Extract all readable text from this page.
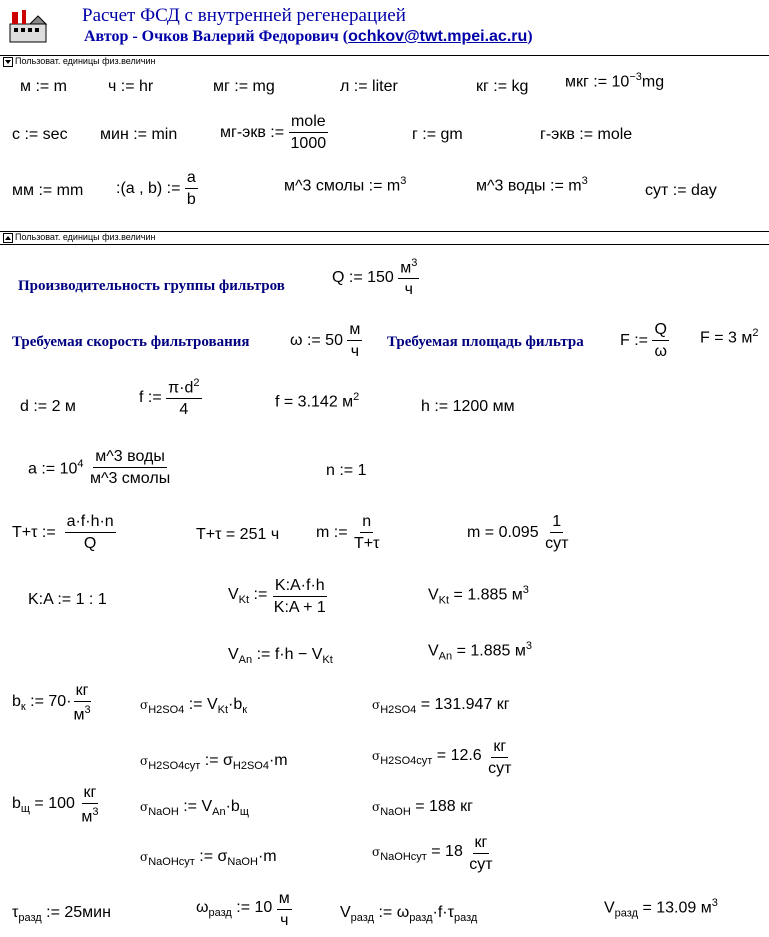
Расчет ФСД с внутренней регенерацией
Автор - Очков Валерий Федорович (ochkov@twt.mpei.ac.ru)
Пользоват. единицы физ.величин
м := m	ч := hr	мг := mg	л := liter	кг := kg мкг := $10^{-3}mg$
с := sec мин := min	мг-экв :=
$\frac{\text{mole}}{1000}$	г := gm	г-экв := mole
мм := mm :(a , b) :=
$\frac{a}{b}$	м^3 смолы := $m^3$	м^3 воды := $m^3$
сут := day
Пользоват. единицы физ.величин
Производительность группы фильтров	Q := 150
$\frac{м^3}{ч}$
Требуемая скорость фильтрования	ω := 50
$\frac{м}{ч}$ Требуемая площадь фильтра F :=
$\frac{Q}{\omega}$ F = 3 $м^2$
d := 2 м
f :=
$\frac{\pi\cdot d^2}{4}$	f = 3.142 $м^2$
h := 1200 мм
a := $10^4$
$\frac{\text{м\textasciicircum{}3 воды}}{\text{м\textasciicircum{}3 смолы}}$	n := 1
T+τ :=
$\frac{a\cdot f\cdot h\cdot n}{Q}$	T+τ = 251 ч m :=
$\frac{n}{T+\tau}$	m = 0.095
$\frac{1}{\text{сут}}$
K:A := 1 : 1	$V_{Kt}$ :=
$\frac{K:A\cdot f\cdot h}{K:A + 1}$	$V_{Kt} = 1.885$ $м^3$
$V_{An}$ := $f\cdot h - V_{Kt}$
$V_{An} = 1.885$ $м^3$
$b_к$ := $70\cdot \frac{кг}{м^3}$	$\sigma_{H2SO4}$ := $V_{Kt}\cdot b_к$	$\sigma_{H2SO4} = 131.947$ кг
$\sigma_{H2SO4сут}$ := $\sigma_{H2SO4}\cdot m$	$\sigma_{H2SO4сут} = 12.6$
$\frac{кг}{\text{сут}}$
$b_щ = 100$
$\frac{кг}{м^3}$	$\sigma_{NaOH}$ := $V_{An}\cdot b_щ$	$\sigma_{NaOH} = 188$ кг
$\sigma_{NaOHсут}$ := $\sigma_{NaOH}\cdot m$	$\sigma_{NaOHсут} = 18$
$\frac{кг}{\text{сут}}$
$\tau_{разд}$ := 25мин	$\omega_{разд}$ := 10
$\frac{м}{ч}$	$V_{разд}$ := $\omega_{разд}\cdot f\cdot\tau_{разд}$
$V_{разд} = 13.09$ $м^3$
